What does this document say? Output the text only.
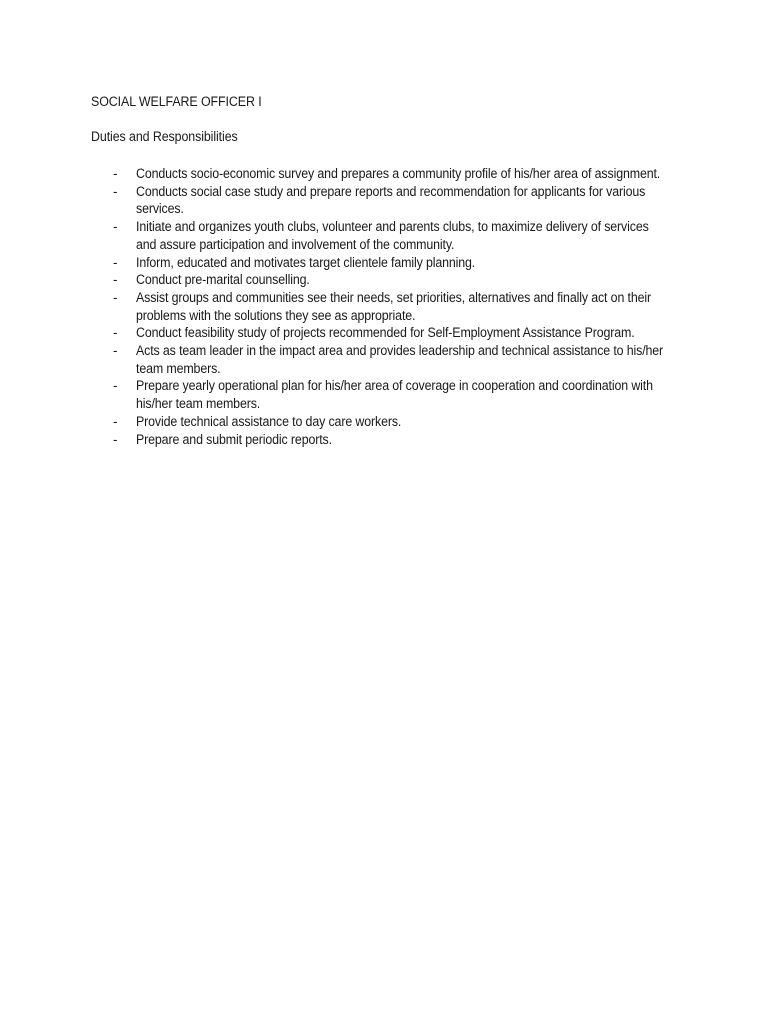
SOCIAL WELFARE OFFICER I
Duties and Responsibilities
- Conducts socio-economic survey and prepares a community profile of his/her area of assignment.
- Conducts social case study and prepare reports and recommendation for applicants for various services.
- Initiate and organizes youth clubs, volunteer and parents clubs, to maximize delivery of services and assure participation and involvement of the community.
- Inform, educated and motivates target clientele family planning.
- Conduct pre-marital counselling.
- Assist groups and communities see their needs, set priorities, alternatives and finally act on their problems with the solutions they see as appropriate.
- Conduct feasibility study of projects recommended for Self-Employment Assistance Program.
- Acts as team leader in the impact area and provides leadership and technical assistance to his/her team members.
- Prepare yearly operational plan for his/her area of coverage in cooperation and coordination with his/her team members.
- Provide technical assistance to day care workers.
- Prepare and submit periodic reports.
